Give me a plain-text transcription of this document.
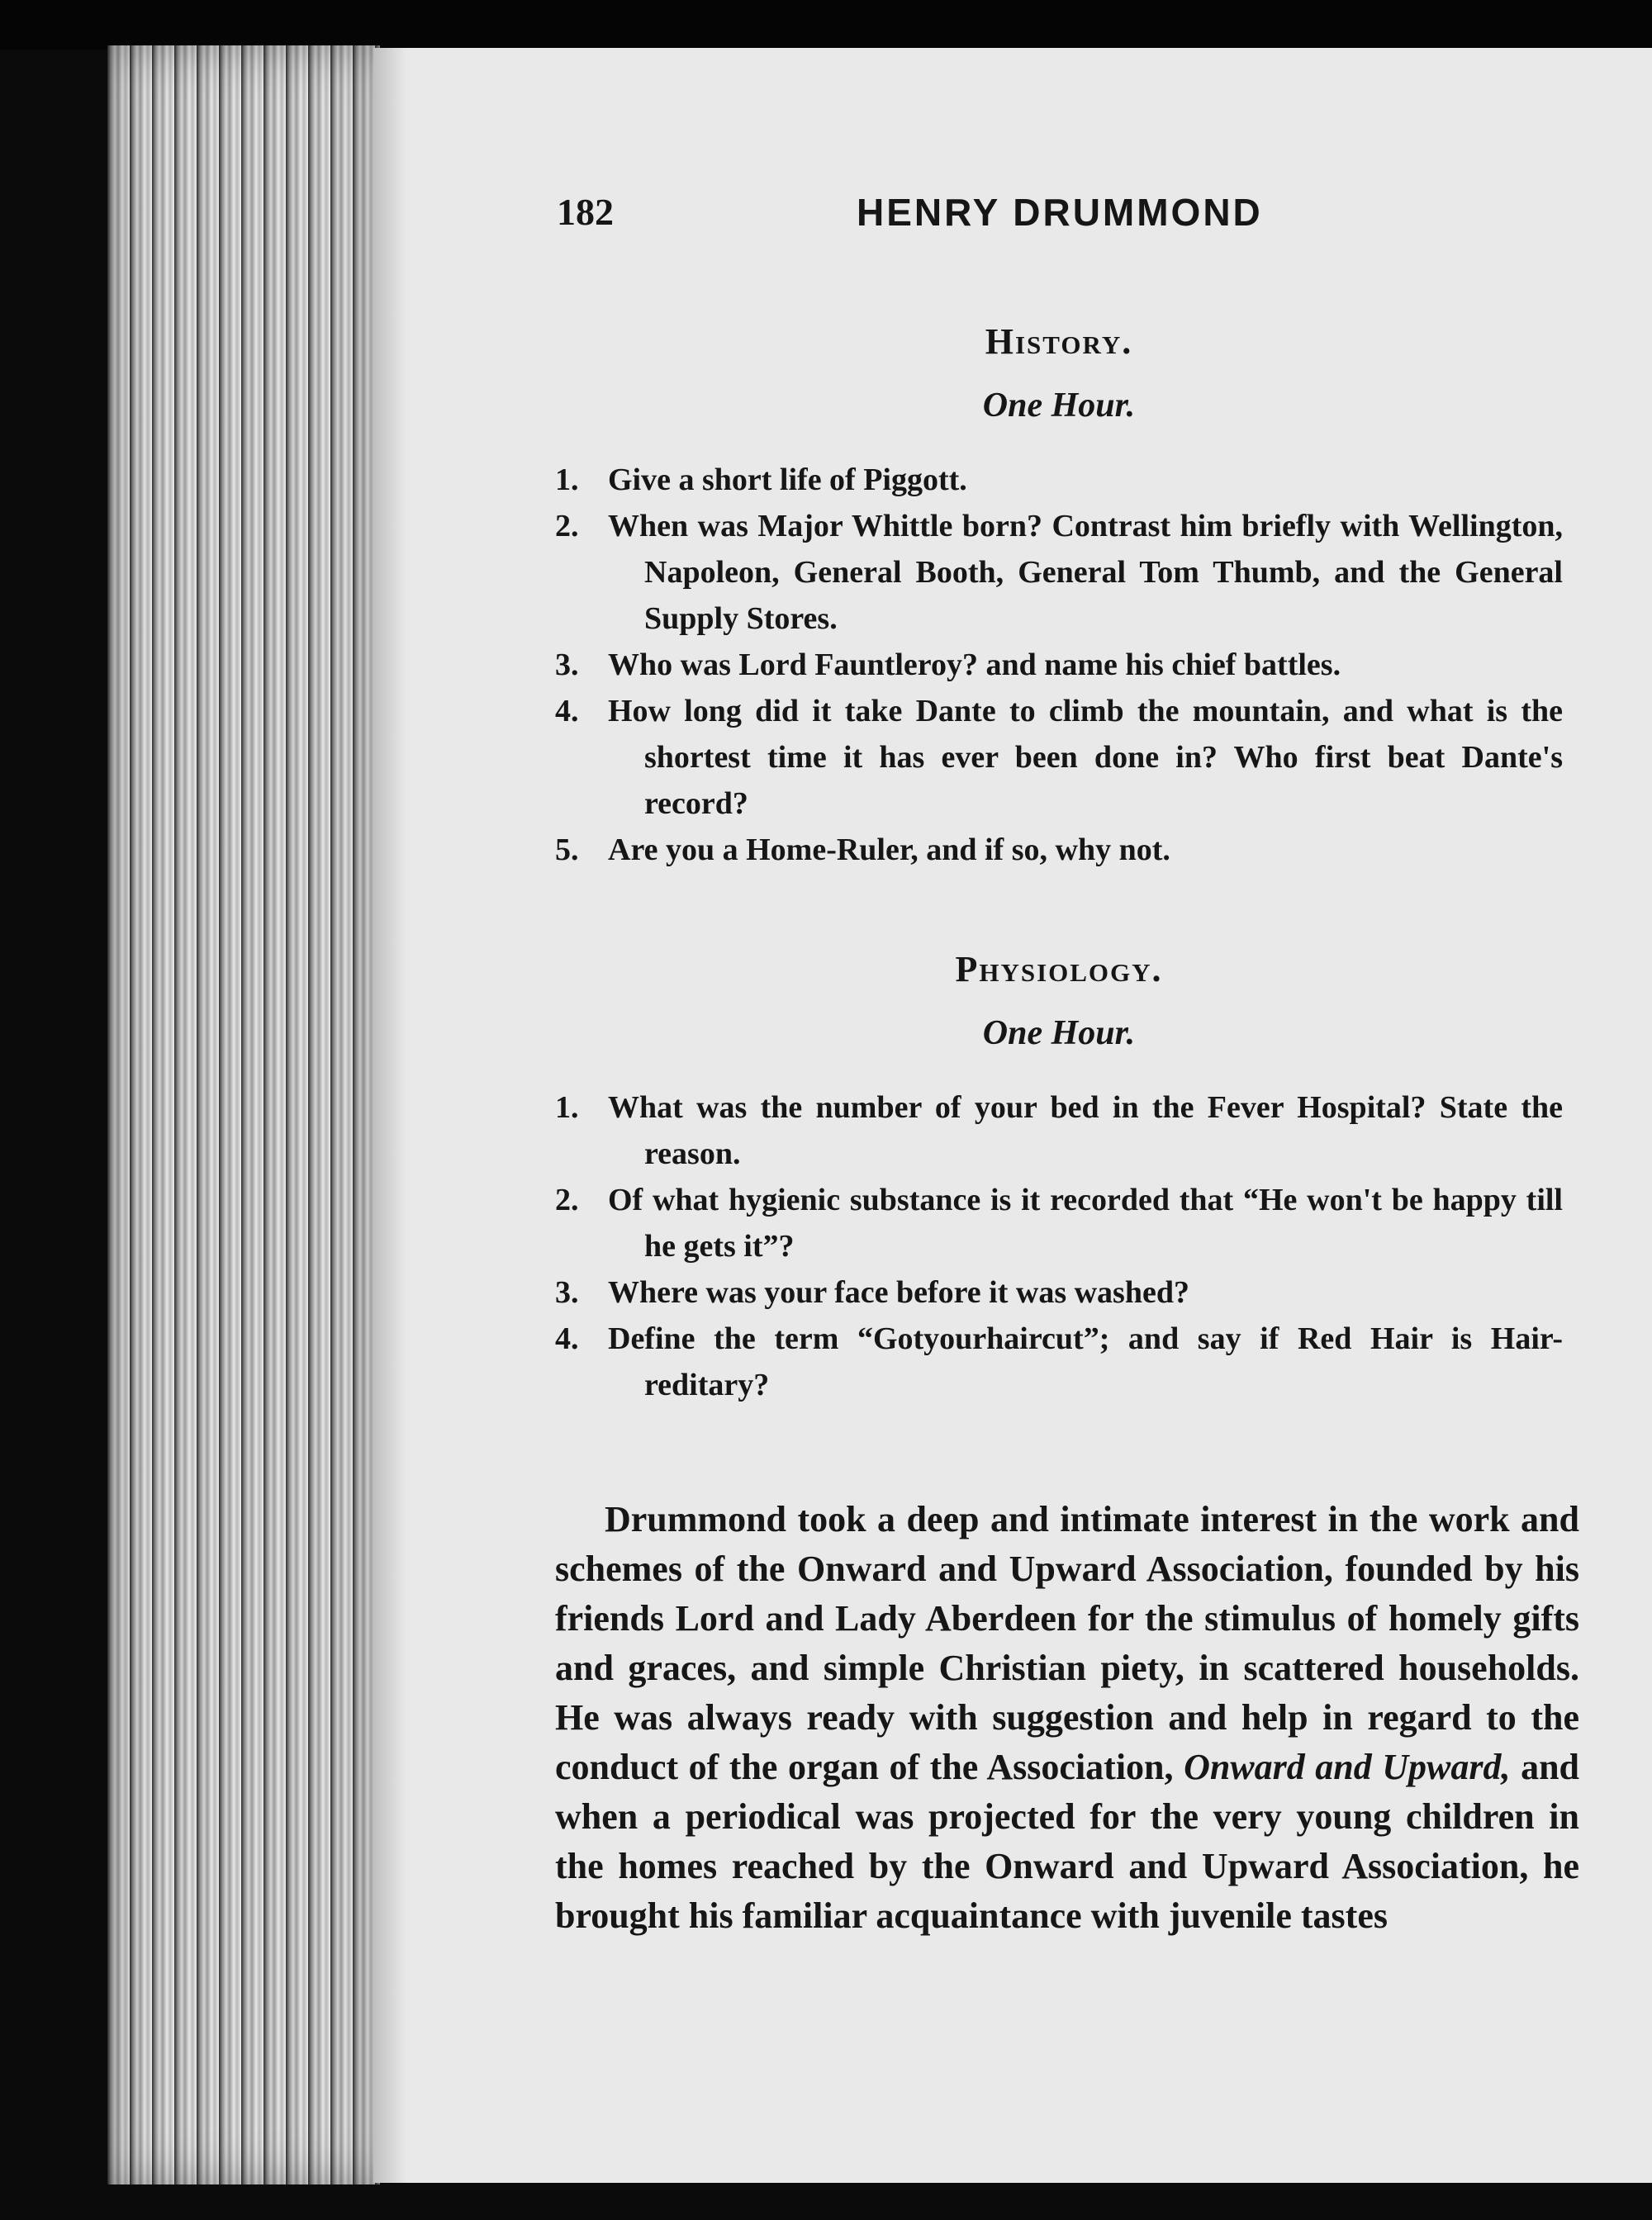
182	HENRY DRUMMOND
History.
One Hour.
1. Give a short life of Piggott.
2. When was Major Whittle born? Contrast him briefly with Wellington, Napoleon, General Booth, General Tom Thumb, and the General Supply Stores.
3. Who was Lord Fauntleroy? and name his chief battles.
4. How long did it take Dante to climb the mountain, and what is the shortest time it has ever been done in? Who first beat Dante's record?
5. Are you a Home-Ruler, and if so, why not.
Physiology.
One Hour.
1. What was the number of your bed in the Fever Hospital? State the reason.
2. Of what hygienic substance is it recorded that “He won't be happy till he gets it”?
3. Where was your face before it was washed?
4. Define the term “Gotyourhaircut”; and say if Red Hair is Hair-reditary?

Drummond took a deep and intimate interest in the work and schemes of the Onward and Upward Association, founded by his friends Lord and Lady Aberdeen for the stimulus of homely gifts and graces, and simple Christian piety, in scattered households. He was always ready with suggestion and help in regard to the conduct of the organ of the Association, Onward and Upward, and when a periodical was projected for the very young children in the homes reached by the Onward and Upward Association, he brought his familiar acquaintance with juvenile tastes
